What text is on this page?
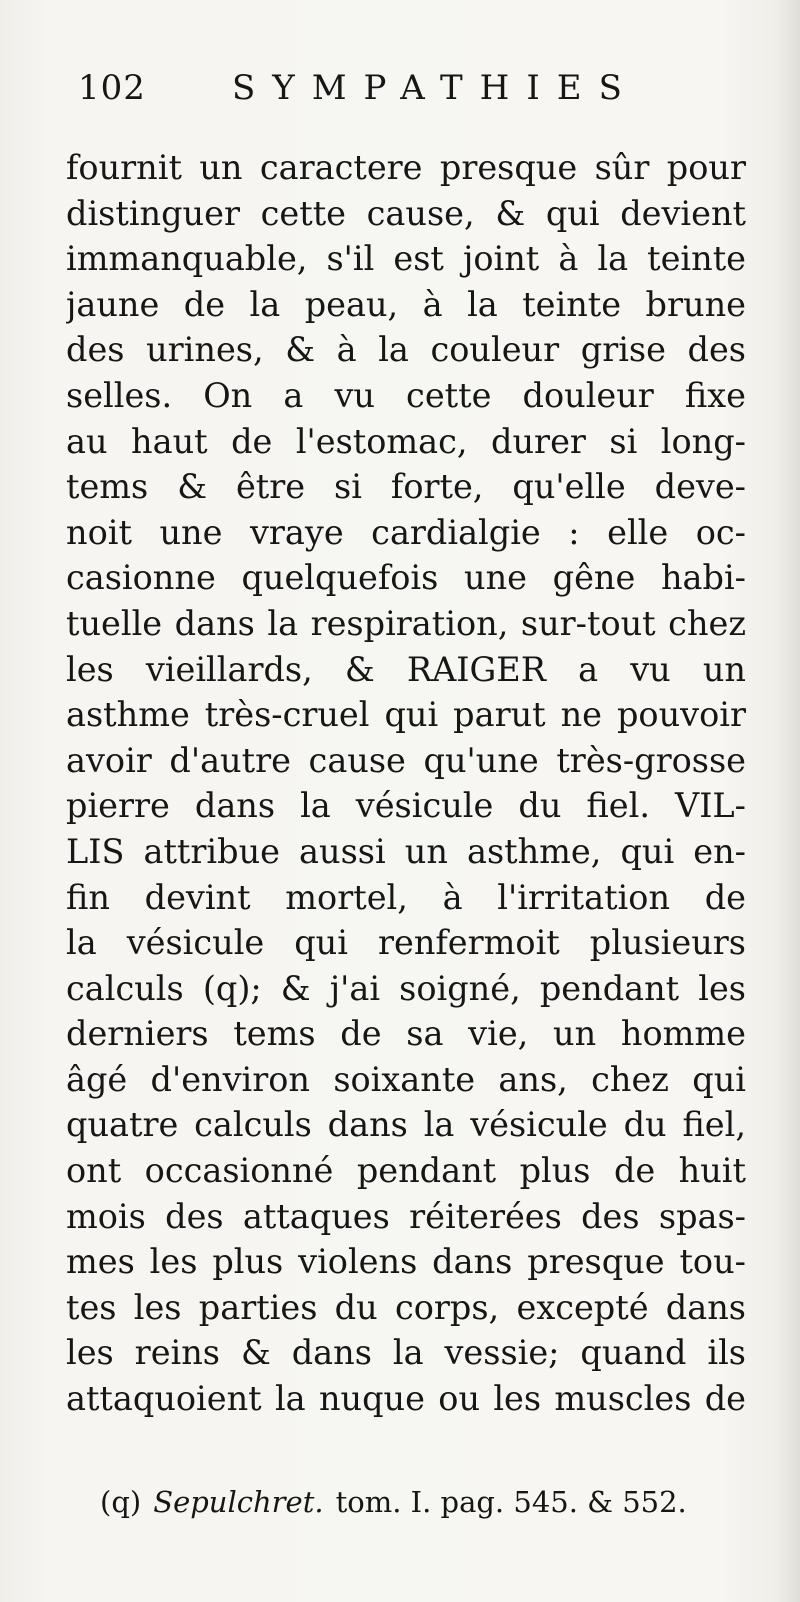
102	SYMPATHIES
fournit un caractere presque sûr pour
distinguer cette cause, & qui devient
immanquable, s'il est joint à la teinte
jaune de la peau, à la teinte brune
des urines, & à la couleur grise des
selles. On a vu cette douleur fixe
au haut de l'estomac, durer si long-
tems & être si forte, qu'elle deve-
noit une vraye cardialgie : elle oc-
casionne quelquefois une gêne habi-
tuelle dans la respiration, sur-tout chez
les vieillards, & RAIGER a vu un
asthme très-cruel qui parut ne pouvoir
avoir d'autre cause qu'une très-grosse
pierre dans la vésicule du fiel. VIL-
LIS attribue aussi un asthme, qui en-
fin devint mortel, à l'irritation de
la vésicule qui renfermoit plusieurs
calculs (q); & j'ai soigné, pendant les
derniers tems de sa vie, un homme
âgé d'environ soixante ans, chez qui
quatre calculs dans la vésicule du fiel,
ont occasionné pendant plus de huit
mois des attaques réiterées des spas-
mes les plus violens dans presque tou-
tes les parties du corps, excepté dans
les reins & dans la vessie; quand ils
attaquoient la nuque ou les muscles de
(q) Sepulchret. tom. I. pag. 545. & 552.
